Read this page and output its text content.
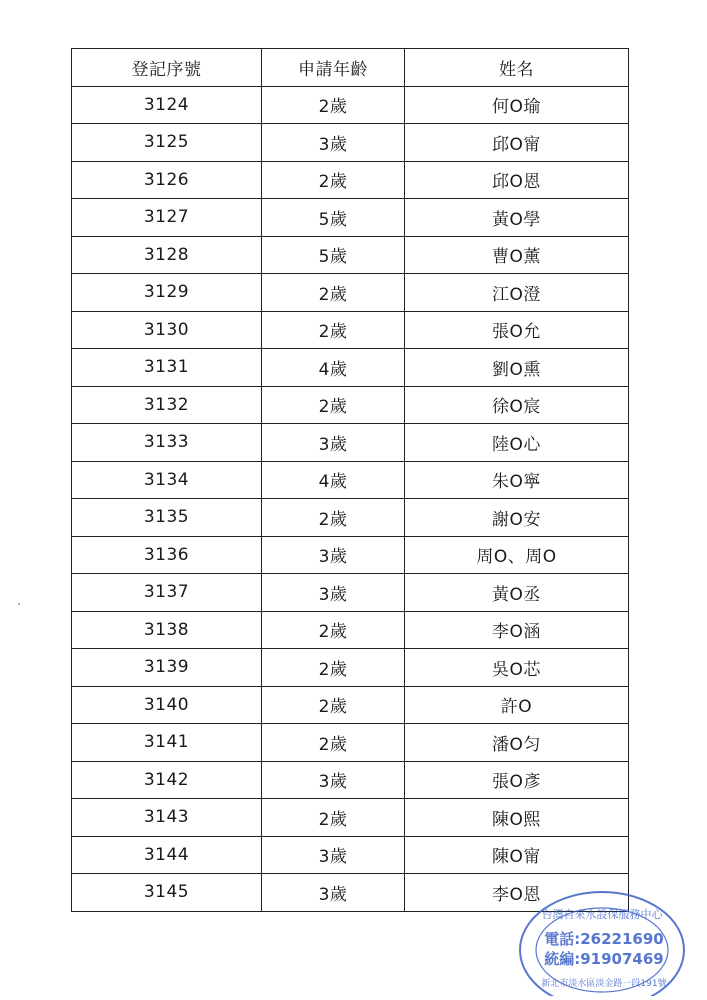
登記序號	申請年齡	姓名
3124	2歲	何O瑜
3125	3歲	邱O甯
3126	2歲	邱O恩
3127	5歲	黃O學
3128	5歲	曹O薰
3129	2歲	江O澄
3130	2歲	張O允
3131	4歲	劉O熏
3132	2歲	徐O宸
3133	3歲	陸O心
3134	4歲	朱O寧
3135	2歲	謝O安
3136	3歲	周O、周O
3137	3歲	黃O丞
3138	2歲	李O涵
3139	2歲	吳O芯
3140	2歲	許O
3141	2歲	潘O匀
3142	3歲	張O彥
3143	2歲	陳O熙
3144	3歲	陳O甯
3145	3歲	李O恩
台灣自來水設保服務中心
電話:26221690
統編:91907469
新北市淡水區淡金路一段191號
